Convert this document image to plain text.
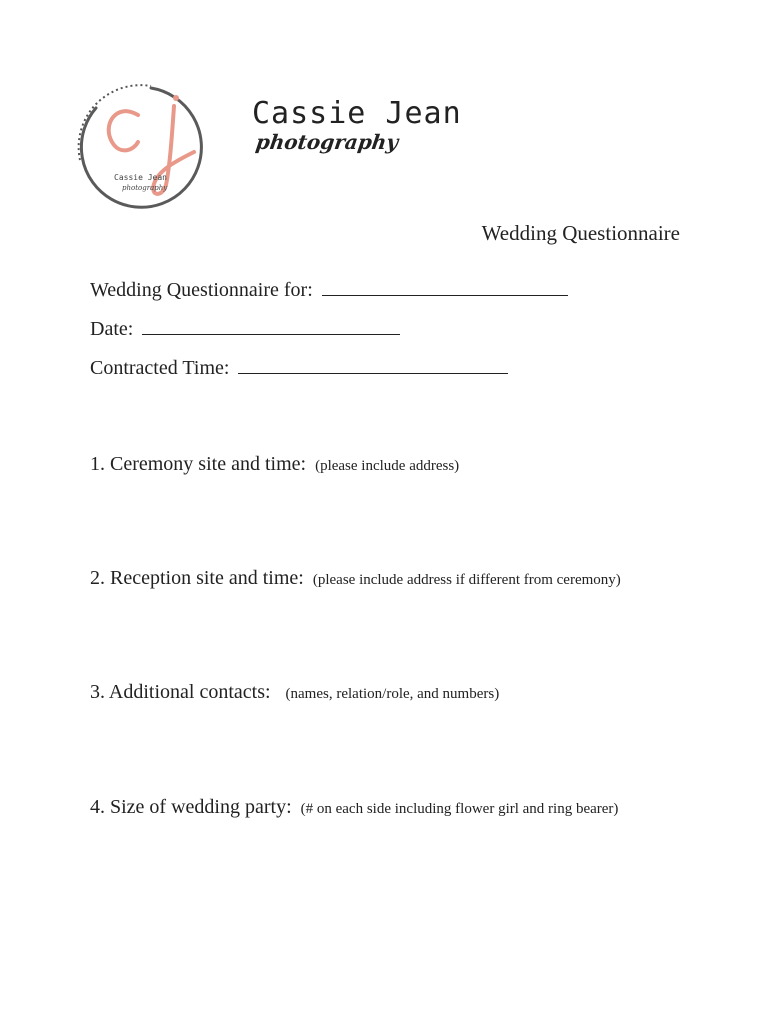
Cassie Jean
photography
Cassie Jean
photography
Wedding Questionnaire
Wedding Questionnaire for:
Date:
Contracted Time:
1. Ceremony site and time: (please include address)
2. Reception site and time: (please include address if different from ceremony)
3. Additional contacts: (names, relation/role, and numbers)
4. Size of wedding party: (# on each side including flower girl and ring bearer)
